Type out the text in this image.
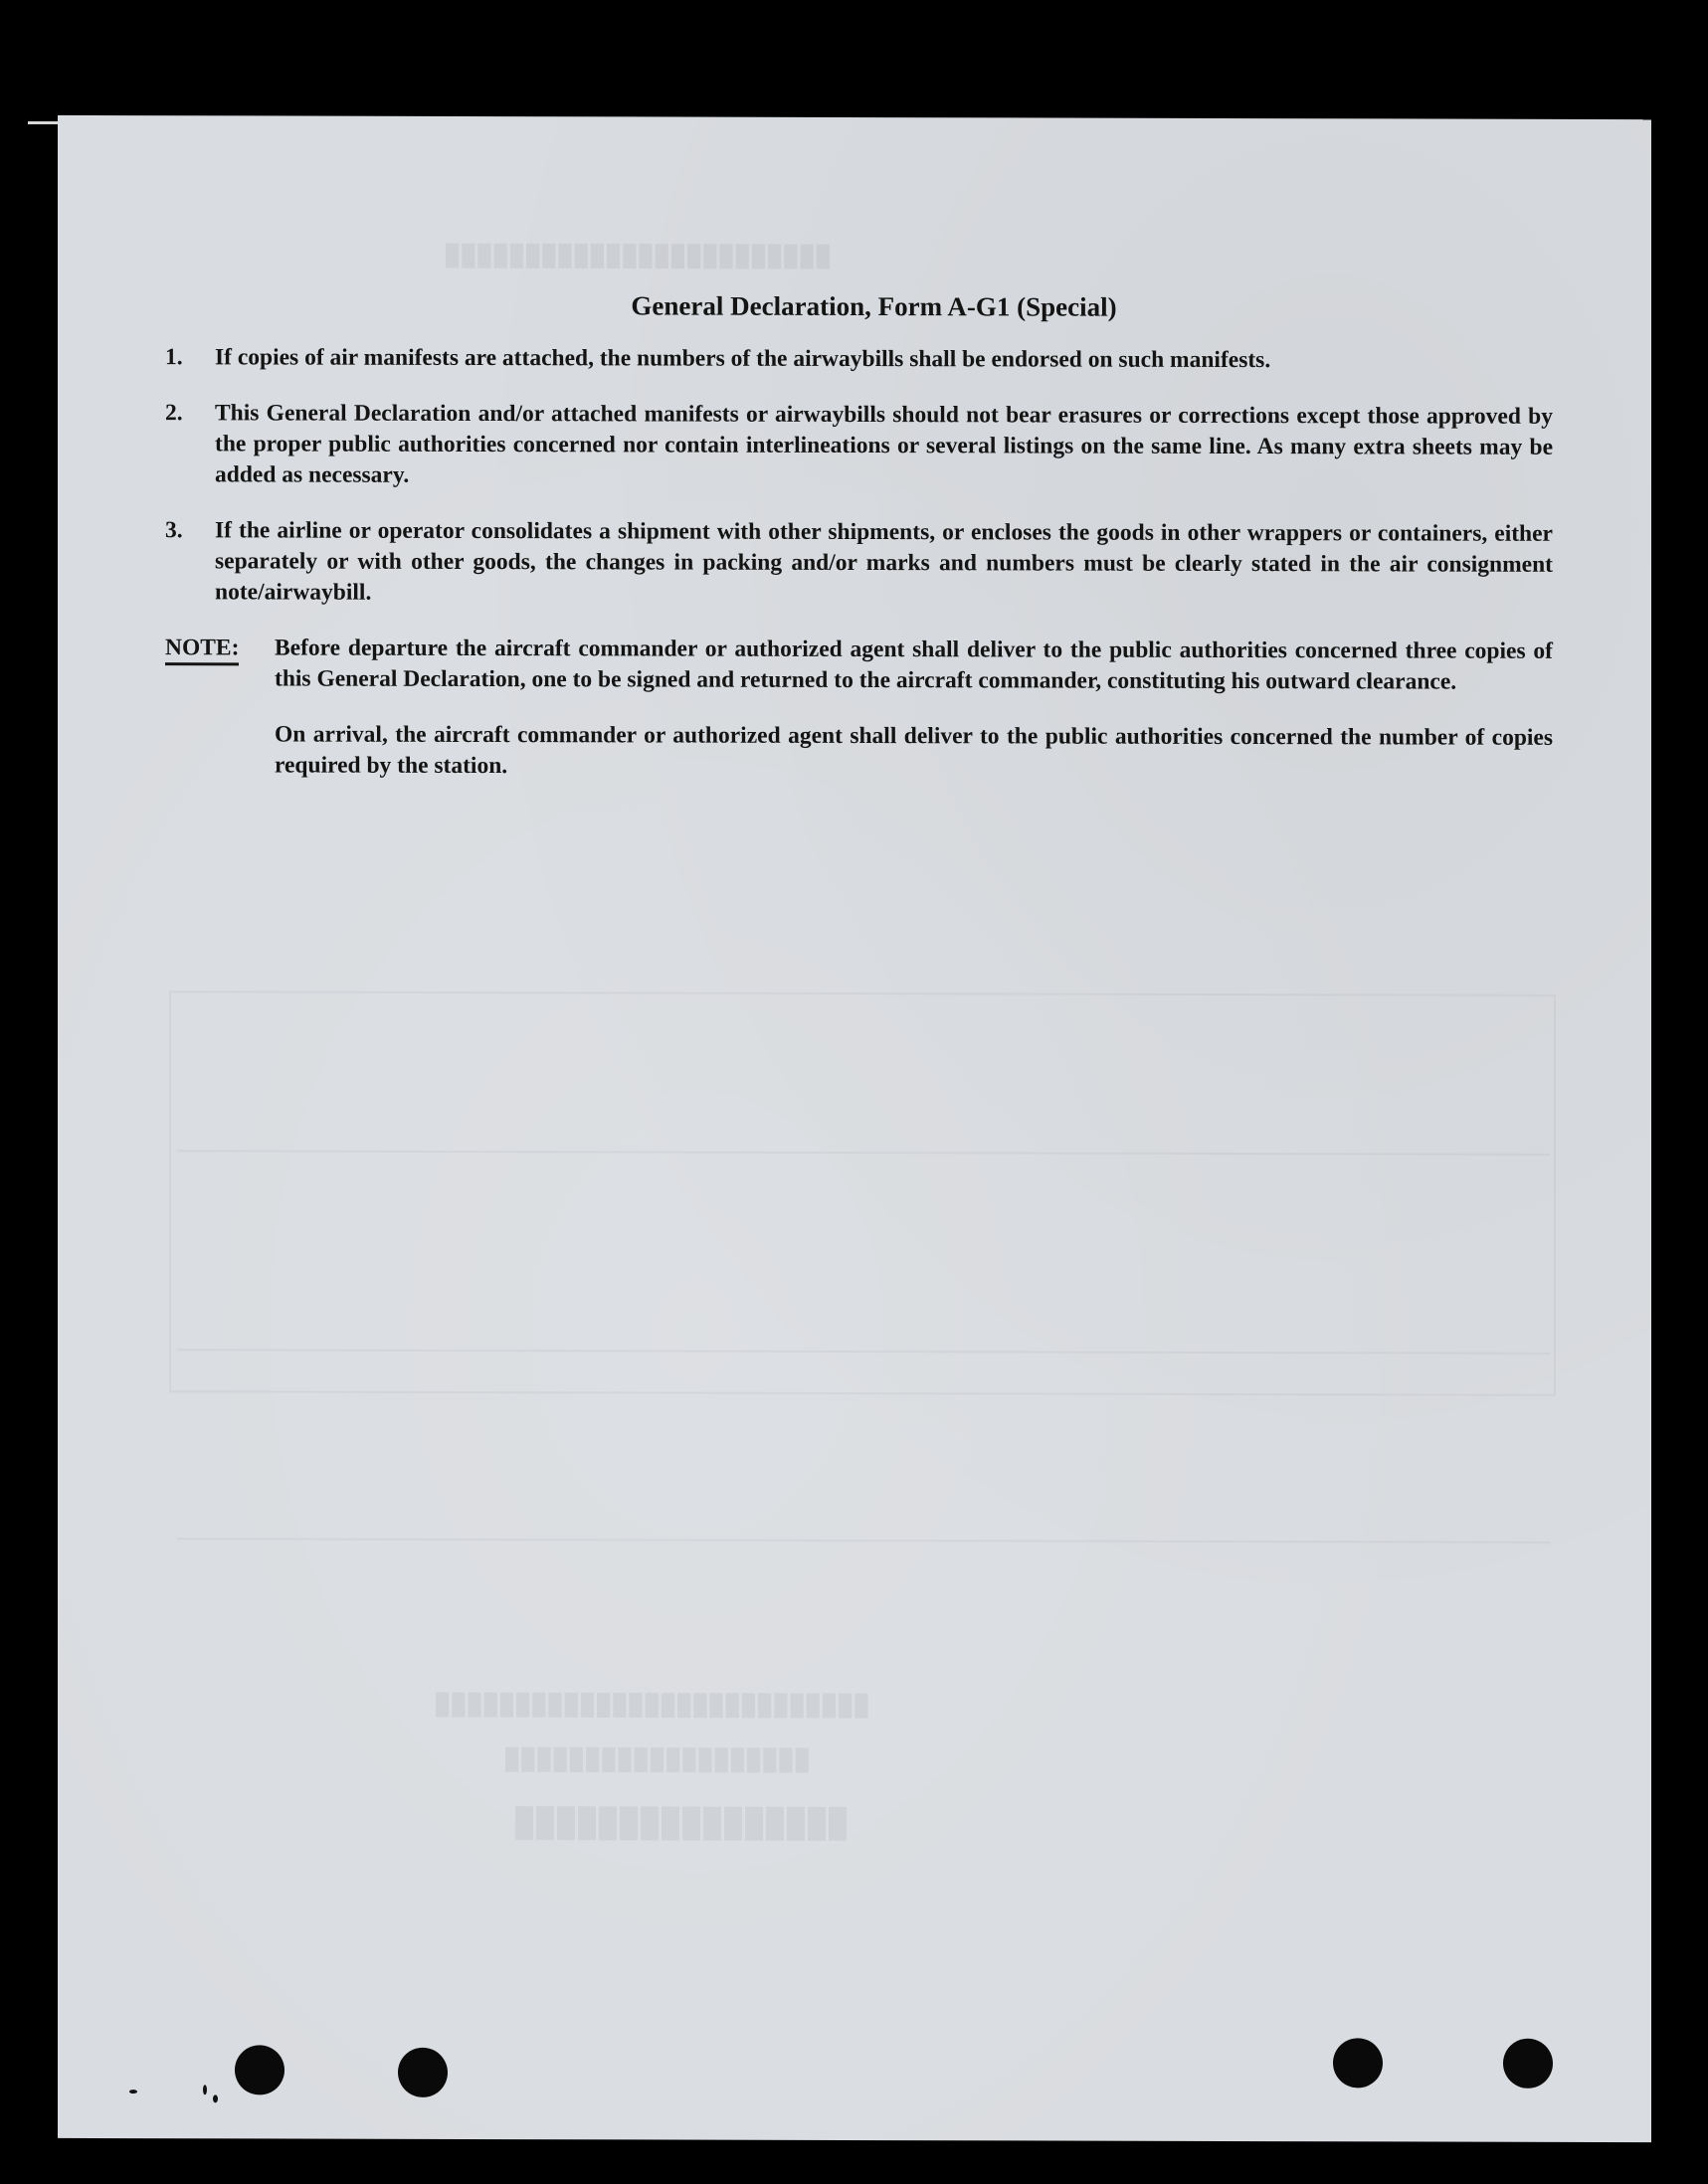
████████████████████████
███████████████████████████
███████████████████
████████████████
General Declaration, Form A-G1 (Special)
1.	If copies of air manifests are attached, the numbers of the airwaybills shall be endorsed on such manifests.
2.	This General Declaration and/or attached manifests or airwaybills should not bear erasures or corrections except those approved by the proper public authorities concerned nor contain interlineations or several listings on the same line. As many extra sheets may be added as necessary.
3.	If the airline or operator consolidates a shipment with other shipments, or encloses the goods in other wrappers or containers, either separately or with other goods, the changes in packing and/or marks and numbers must be clearly stated in the air consignment note/airwaybill.
NOTE:	Before departure the aircraft commander or authorized agent shall deliver to the public authorities concerned three copies of this General Declaration, one to be signed and returned to the aircraft commander, constituting his outward clearance.

On arrival, the aircraft commander or authorized agent shall deliver to the public authorities concerned the number of copies required by the station.
